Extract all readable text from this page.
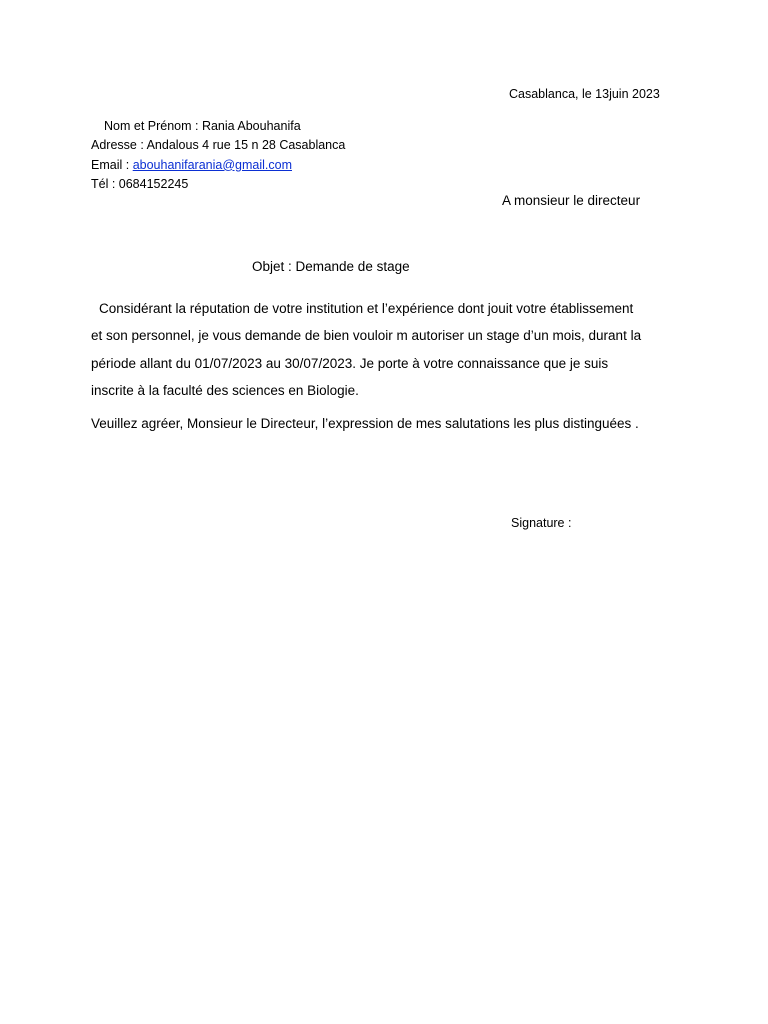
Casablanca, le 13juin 2023
Nom et Prénom : Rania Abouhanifa
Adresse : Andalous 4 rue 15 n 28 Casablanca
Email : abouhanifarania@gmail.com
Tél : 0684152245
A monsieur le directeur
Objet : Demande de stage
Considérant la réputation de votre institution et l’expérience dont jouit votre établissement
et son personnel, je vous demande de bien vouloir m autoriser un stage d’un mois, durant la
période allant du 01/07/2023 au 30/07/2023. Je porte à votre connaissance que je suis
inscrite à la faculté des sciences en Biologie.
Veuillez agréer, Monsieur le Directeur, l’expression de mes salutations les plus distinguées .
Signature :
